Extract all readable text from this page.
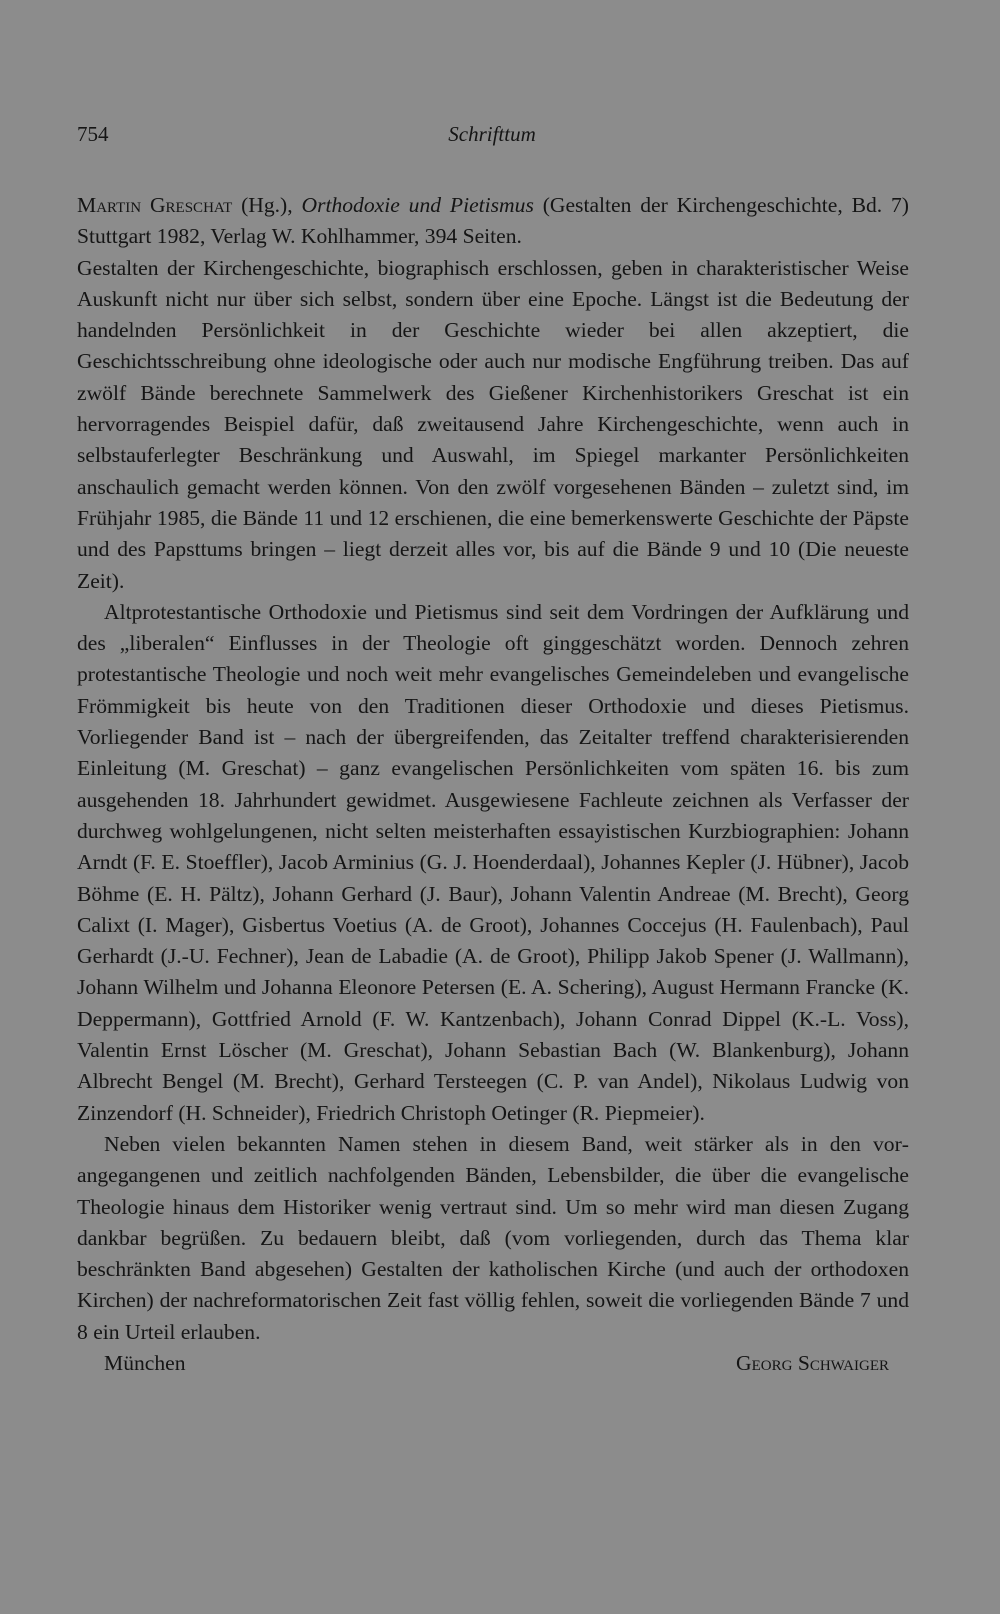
754	Schrifttum

Martin Greschat (Hg.), Orthodoxie und Pietismus (Gestalten der Kirchengeschichte, Bd. 7) Stuttgart 1982, Verlag W. Kohlhammer, 394 Seiten.

Gestalten der Kirchengeschichte, biographisch erschlossen, geben in charakteristischer Weise Auskunft nicht nur über sich selbst, sondern über eine Epoche. Längst ist die Bedeutung der handelnden Persönlichkeit in der Geschichte wieder bei allen akzeptiert, die Geschichtsschreibung ohne ideologische oder auch nur modische Engführung treiben. Das auf zwölf Bände berechnete Sammelwerk des Gießener Kirchenhistorikers Greschat ist ein hervorragendes Beispiel dafür, daß zweitausend Jahre Kirchengeschichte, wenn auch in selbstauferlegter Beschränkung und Auswahl, im Spiegel markanter Persönlichkeiten anschaulich gemacht werden können. Von den zwölf vorgesehenen Bänden – zuletzt sind, im Frühjahr 1985, die Bände 11 und 12 erschienen, die eine bemerkenswerte Geschichte der Päpste und des Papsttums bringen – liegt derzeit alles vor, bis auf die Bände 9 und 10 (Die neueste Zeit).

Altprotestantische Orthodoxie und Pietismus sind seit dem Vordringen der Aufklärung und des „liberalen“ Einflusses in der Theologie oft ginggeschätzt worden. Dennoch zehren protestantische Theologie und noch weit mehr evangelisches Gemeindeleben und evangelische Frömmigkeit bis heute von den Traditionen dieser Orthodoxie und dieses Pietismus. Vorliegender Band ist – nach der übergreifenden, das Zeitalter treffend charakterisierenden Einleitung (M. Greschat) – ganz evangelischen Persönlichkeiten vom späten 16. bis zum ausgehenden 18. Jahrhundert gewidmet. Ausgewiesene Fachleute zeichnen als Verfasser der durchweg wohlgelungenen, nicht selten meisterhaften essayistischen Kurzbiographien: Johann Arndt (F. E. Stoeffler), Jacob Arminius (G. J. Hoenderdaal), Johannes Kepler (J. Hübner), Jacob Böhme (E. H. Pältz), Johann Gerhard (J. Baur), Johann Valentin Andreae (M. Brecht), Georg Calixt (I. Mager), Gisbertus Voetius (A. de Groot), Johannes Coccejus (H. Faulenbach), Paul Gerhardt (J.-U. Fechner), Jean de Labadie (A. de Groot), Philipp Jakob Spener (J. Wallmann), Johann Wilhelm und Johanna Eleonore Petersen (E. A. Schering), August Hermann Francke (K. Deppermann), Gottfried Arnold (F. W. Kantzenbach), Johann Conrad Dippel (K.-L. Voss), Valentin Ernst Löscher (M. Greschat), Johann Sebastian Bach (W. Blankenburg), Johann Albrecht Bengel (M. Brecht), Gerhard Tersteegen (C. P. van Andel), Nikolaus Ludwig von Zinzendorf (H. Schneider), Friedrich Christoph Oetinger (R. Piepmeier).

Neben vielen bekannten Namen stehen in diesem Band, weit stärker als in den vorangegangenen und zeitlich nachfolgenden Bänden, Lebensbilder, die über die evangelische Theologie hinaus dem Historiker wenig vertraut sind. Um so mehr wird man diesen Zugang dankbar begrüßen. Zu bedauern bleibt, daß (vom vorliegenden, durch das Thema klar beschränkten Band abgesehen) Gestalten der katholischen Kirche (und auch der orthodoxen Kirchen) der nachreformatorischen Zeit fast völlig fehlen, soweit die vorliegenden Bände 7 und 8 ein Urteil erlauben.

München	Georg Schwaiger
